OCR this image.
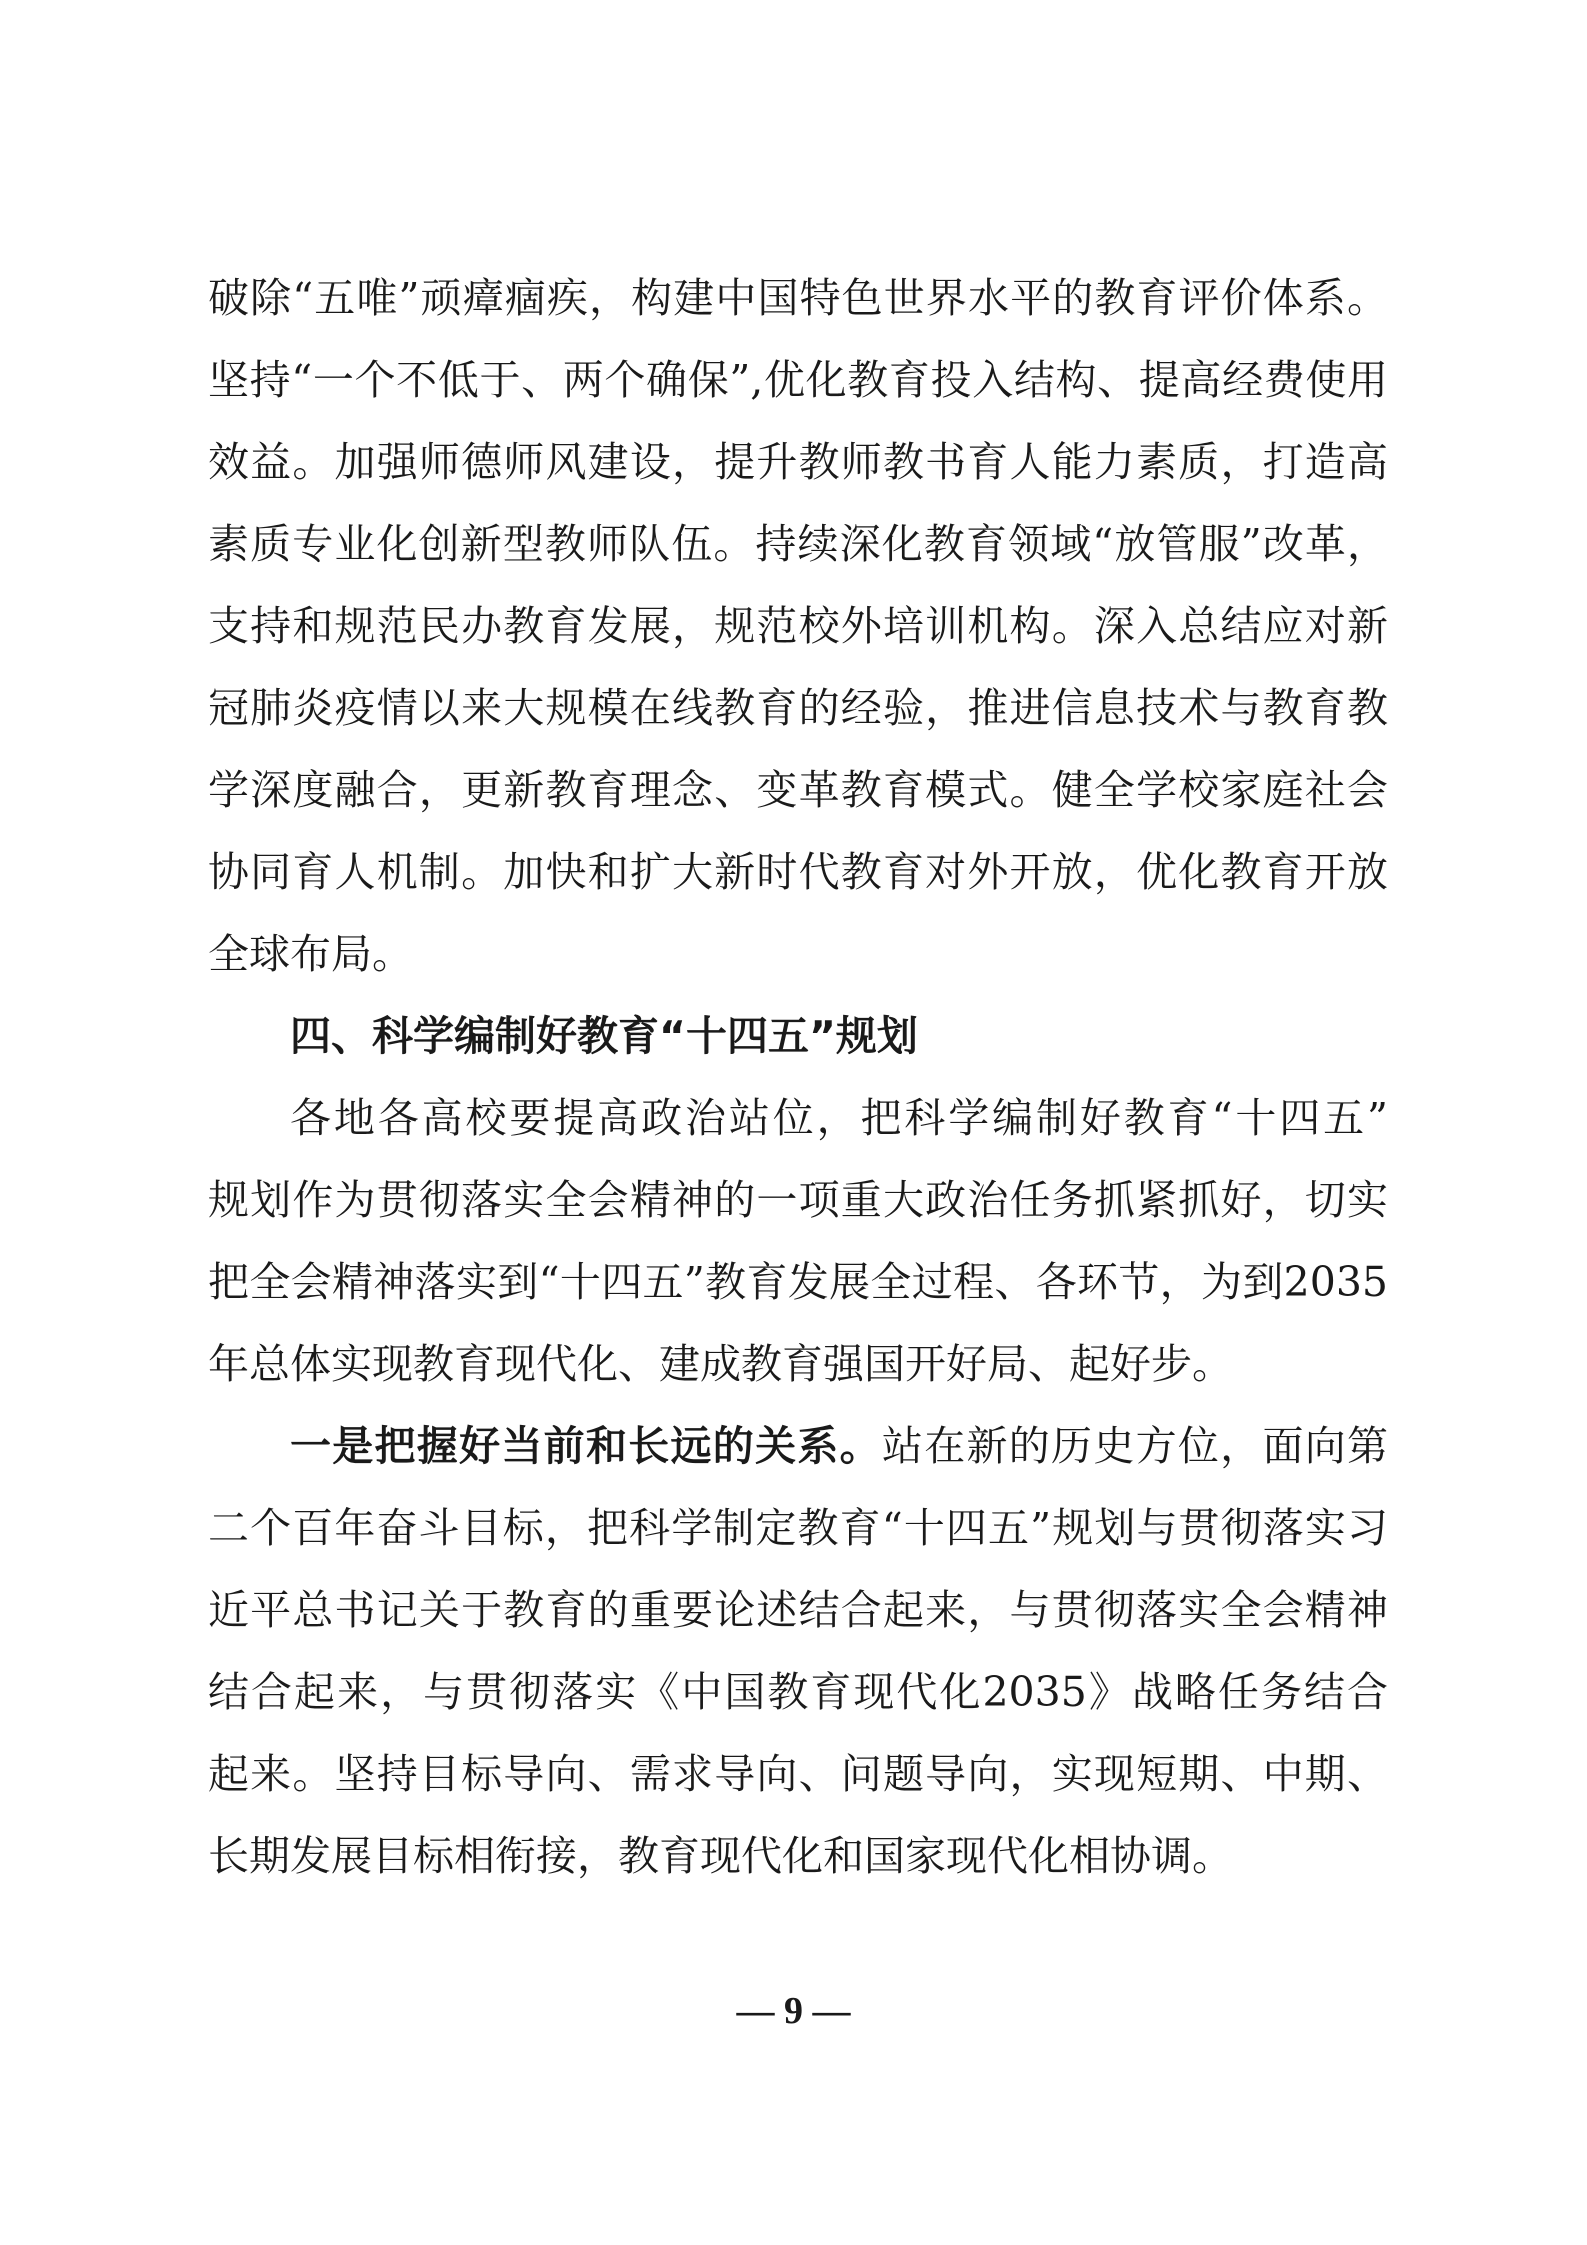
破除“五唯”顽瘴痼疾，构建中国特色世界水平的教育评价体系。
坚持“一个不低于、两个确保”,优化教育投入结构、提高经费使用
效益。加强师德师风建设，提升教师教书育人能力素质，打造高
素质专业化创新型教师队伍。持续深化教育领域“放管服”改革，
支持和规范民办教育发展，规范校外培训机构。深入总结应对新
冠肺炎疫情以来大规模在线教育的经验，推进信息技术与教育教
学深度融合，更新教育理念、变革教育模式。健全学校家庭社会
协同育人机制。加快和扩大新时代教育对外开放，优化教育开放
全球布局。
四、科学编制好教育“十四五”规划
各地各高校要提高政治站位，把科学编制好教育“十四五”
规划作为贯彻落实全会精神的一项重大政治任务抓紧抓好，切实
把全会精神落实到“十四五”教育发展全过程、各环节，为到2035
年总体实现教育现代化、建成教育强国开好局、起好步。
一是把握好当前和长远的关系。站在新的历史方位，面向第
二个百年奋斗目标，把科学制定教育“十四五”规划与贯彻落实习
近平总书记关于教育的重要论述结合起来，与贯彻落实全会精神
结合起来，与贯彻落实《中国教育现代化2035》战略任务结合
起来。坚持目标导向、需求导向、问题导向，实现短期、中期、
长期发展目标相衔接，教育现代化和国家现代化相协调。
— 9 —
